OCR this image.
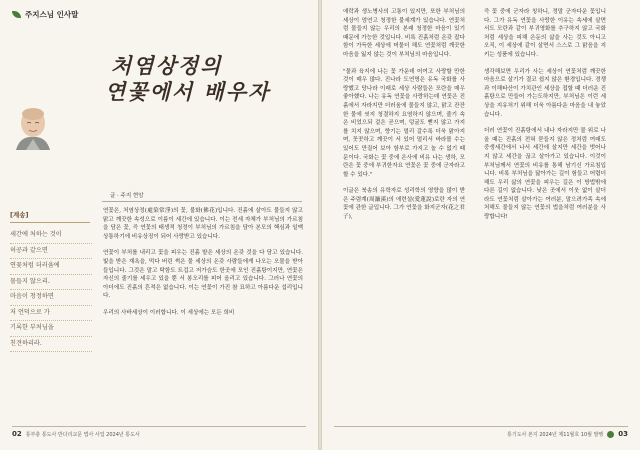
주지스님 인사말
처염상정의
연꽃에서 배우자
글 · 주지 현암
[계송]
세간에 처하는 것이
허공과 같으면
연꽃처럼 더러움에
물들지 않으리.
마음이 청정하면
저 언덕으로 가
기록한 부처님을
친견하리라.

연꽃은, 처염상정(處染常淨)의 꽃, 불화(佛花)입니다. 진흙에 살아도 물들지 않고 맑고 깨끗한 속성으로 이름이 세간에 있습니다. 이는 전세 자체가 부처님의 가르침을 담은 꽃, 즉 연꽃의 태생적 청정이 부처님의 가르침을 담아 본모의 핵심과 일맥상통하기에 비유상징이 되어 사랑받고 있습니다.

연꽃이 부처를 내리고 꽃을 피우는 진흙 밭은 세상의 온갖 것을 다 담고 있습니다. 빛을 받은 재욕을, 먹다 버린 썩은 물 세상의 온갖 사람들에게 나오는 오물을 받아들입니다. 그것은 말고 탁함도 트겁고 저가슴도 한곳에 모인 진흙탕이지만, 연꽃은 자신의 줄기를 세우고 있을 뿐 서 봉오리를 피어 올리고 있습니다. 그러나 연꽃의 아더에도 진흙의 흔적은 없습니다. 이는 연꽃이 가진 참 묘하고 아름다운 섭리입니다.

우리의 사바세상이 이러합니다. 이 세상에는 모든 희비

02 통부충 통도사 반다리교문 법사 사업 2024년 통도사

애락과 생노병사의 고통이 있지만, 또한 부처님의 세상이 엄연고 청정한 불세계가 있습니다. 연꽃처럼 물들지 않는 우리의 본래 청정한 마음이 있기 때문에 가능한 것입니다. 비록 진흙처럼 온갖 잡다함이 가득한 세상에 머물더 해도 연꽃처럼 깨끗한 마음을 잃지 않는 것이 부처님의 마음입니다.

"물과 육지에 나는 꽃 가운데 어여고 사랑할 만한 것이 매우 많다. 진나라 도연명은 유독 국화를 사랑했고 당나라 이래로 세상 사람들은 모란을 매우 좋아했다. 나는 유독 연꽃을 사랑하는데 연꽃은 진흙에서 자라지만 더러움에 물들지 않고, 맑고 잔잔한 물에 씻지 청결하지 요염하지 않으며, 줄기 속은 비었으되 겉은 곧으며, 덩굴도 뻗지 않고 가지를 치지 않으며, 향기는 멀리 갈수록 더욱 맑아지며, 꼿꼿하고 깨끗이 서 있어 멀리서 바라볼 수는 있어도 만질어 보아 함부로 가지고 놀 수 없기 때문이다. 국화는 꽃 중에 은사에 비유 나는 생하, 모란은 꽃 중에 부귀한자요 연꽃은 꽃 중에 군자라고 할 수 있다."

이글은 북송의 유학자로 성리학의 영향을 많이 받은 주렴계(周濂溪)의 애련설(愛蓮說)로란 자의 연꽃에 관한 글입니다. 그가 연꽃을 화지군자(花之君子),

즉 꽃 중에 군자라 칭하니, 정말 군자다운 꽃입니다. 그가 유독 연꽃을 사랑한 이유는 속세에 살면서도 모란과 같이 부귀영화를 추구하지 않고 국화처럼 세상을 피해 은둔의 삶을 사는 것도 아니고 오직, 이 세상에 같이 살면서 스스로 그 맑음을 지키는 성품에 있습니다.

생각해보면 우리가 사는 세상이 연꽃처럼 깨끗한 마음으로 살기가 결코 쉽지 않은 환경입니다. 경쟁과 이해타산이 가치관인 세상을 접할 때 더러운 진흙탕으로 만들어 가는도하지만, 부처님은 이런 세상을 지유처기 위해 더욱 아름다운 마음을 내 놓았습니다.

더러 연꽃이 진흙탕에서 내나 자라지만 물 위로 나올 때는 진흙의 전혀 묻들지 않은 정처럼 여래도 중생세간에서 나서 세간에 살지만 세간을 벗어나지 않고 세간을 끊고 살아가고 있습니다. 이것이 부처님께서 연꽃의 비유를 통해 남기신 가르침입니다. 비록 부처님을 닮아가는 길이 험들고 어렵더 해도 우리 삶의 연꽃을 피우는 길은 이 방법밖에 다른 길이 없습니다. 낮은 곳에서 이웃 없이 살더라도 연꽃처럼 살아가는 여러분, 말으려가족 속에 처해도 물들지 않는 연꽃의 법을처럼 여러분을 사랑합니다!

통기도사 본지 2024년 제11월호 10월 발행 03
